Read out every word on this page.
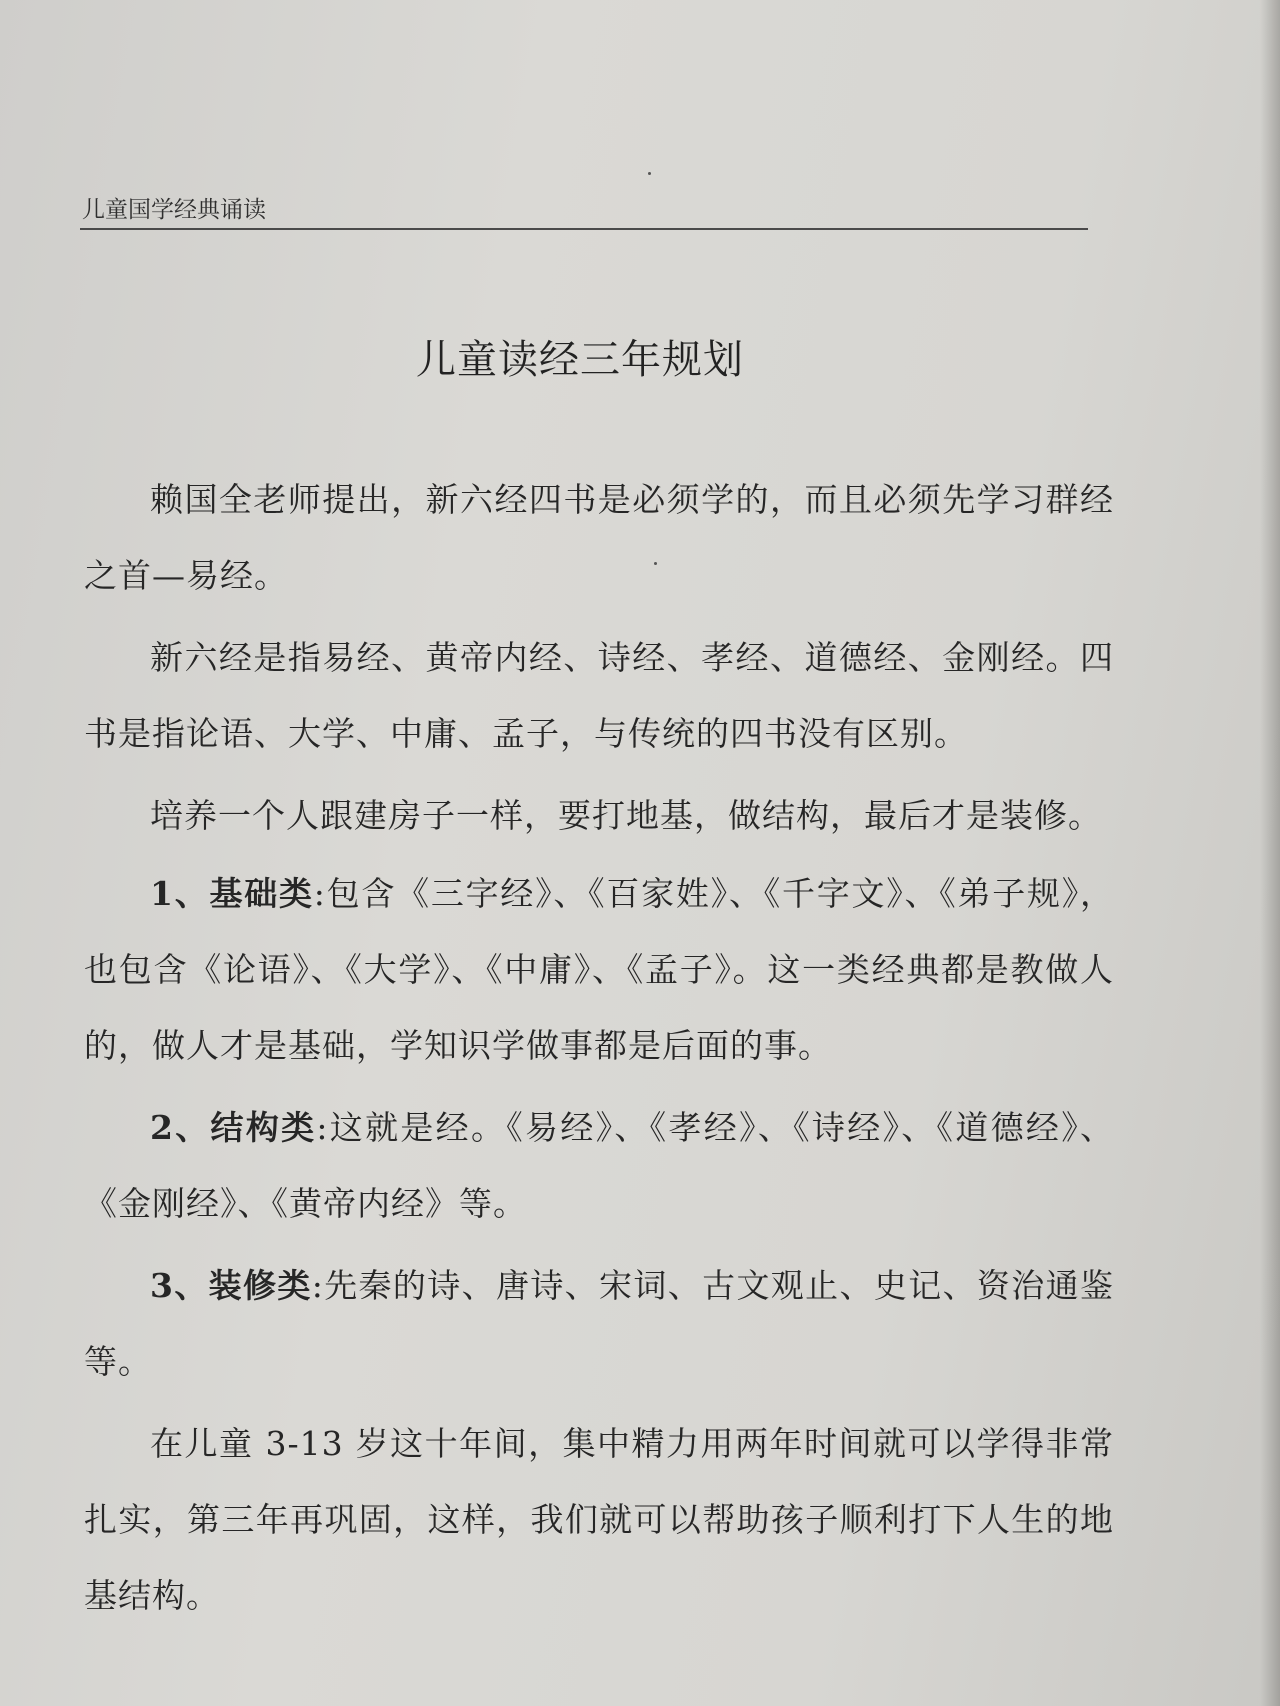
儿童国学经典诵读
儿童读经三年规划

赖国全老师提出，新六经四书是必须学的，而且必须先学习群经之首—易经。

新六经是指易经、黄帝内经、诗经、孝经、道德经、金刚经。四书是指论语、大学、中庸、孟子，与传统的四书没有区别。

培养一个人跟建房子一样，要打地基，做结构，最后才是装修。

1、基础类:包含《三字经》、《百家姓》、《千字文》、《弟子规》，也包含《论语》、《大学》、《中庸》、《孟子》。这一类经典都是教做人的，做人才是基础，学知识学做事都是后面的事。

2、结构类:这就是经。《易经》、《孝经》、《诗经》、《道德经》、《金刚经》、《黄帝内经》等。

3、装修类:先秦的诗、唐诗、宋词、古文观止、史记、资治通鉴等。

在儿童 3-13 岁这十年间，集中精力用两年时间就可以学得非常扎实，第三年再巩固，这样，我们就可以帮助孩子顺利打下人生的地基结构。
